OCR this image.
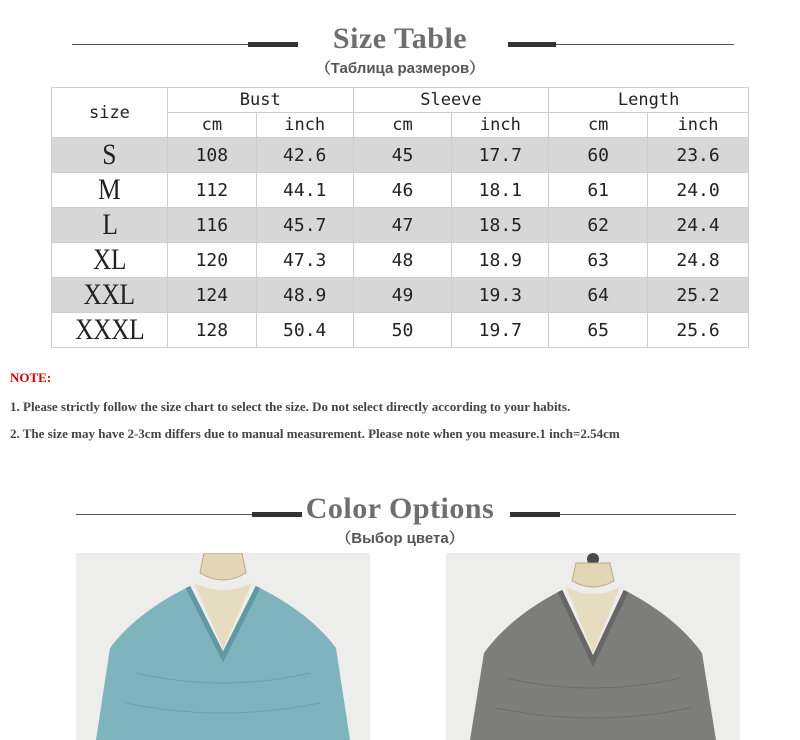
Size Table
（Таблица размеров）
size	Bust		Sleeve		Length	
	cm	inch	cm	inch	cm	inch
S	108	42.6	45	17.7	60	23.6
M	112	44.1	46	18.1	61	24.0
L	116	45.7	47	18.5	62	24.4
XL	120	47.3	48	18.9	63	24.8
XXL	124	48.9	49	19.3	64	25.2
XXXL	128	50.4	50	19.7	65	25.6
NOTE:
1. Please strictly follow the size chart to select the size. Do not select directly according to your habits.
2. The size may have 2-3cm differs due to manual measurement. Please note when you measure.1 inch=2.54cm
Color Options
（Выбор цвета）
